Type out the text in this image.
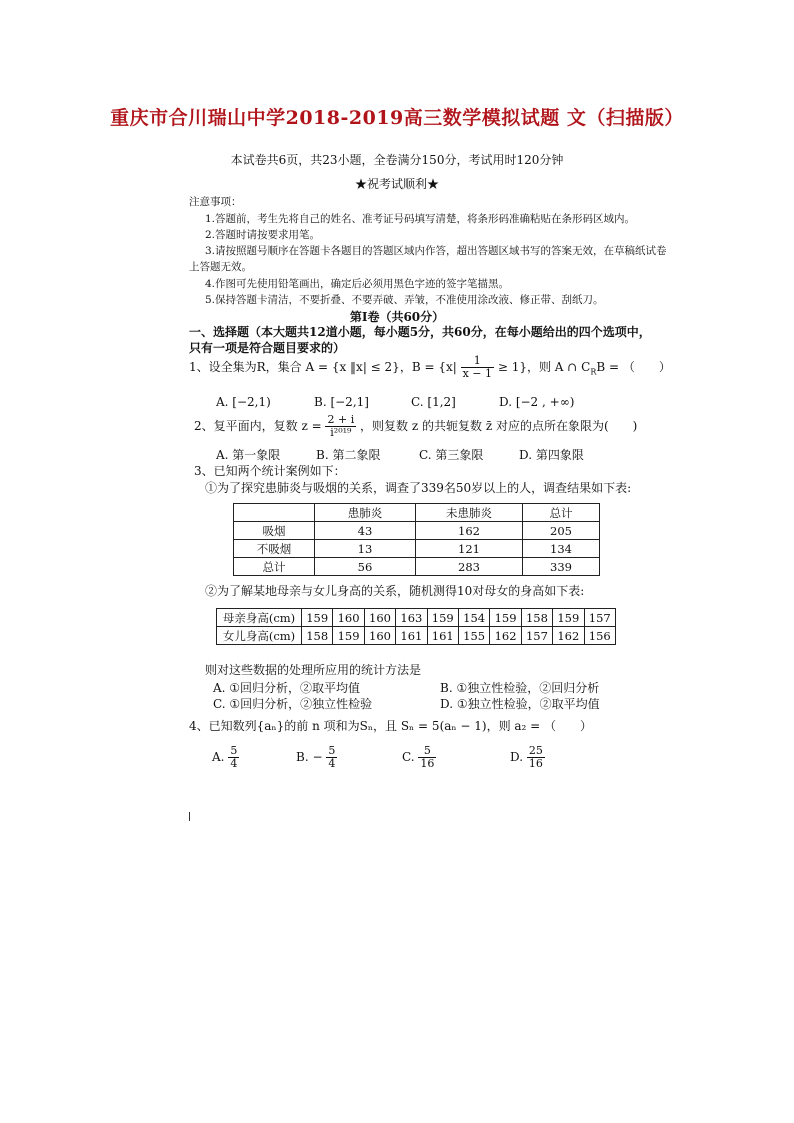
重庆市合川瑞山中学2018-2019高三数学模拟试题 文（扫描版）
本试卷共6页，共23小题，全卷满分150分，考试用时120分钟
★祝考试顺利★
注意事项：
1.答题前，考生先将自己的姓名、准考证号码填写清楚，将条形码准确粘贴在条形码区域内。
2.答题时请按要求用笔。
3.请按照题号顺序在答题卡各题目的答题区域内作答，超出答题区域书写的答案无效，在草稿纸试卷
上答题无效。
4.作图可先使用铅笔画出，确定后必须用黑色字迹的签字笔描黑。
5.保持答题卡清洁，不要折叠、不要弄破、弄皱，不准使用涂改液、修正带、刮纸刀。
第Ⅰ卷（共60分）
一、选择题（本大题共12道小题，每小题5分，共60分，在每小题给出的四个选项中，
只有一项是符合题目要求的）
1、设全集为R，集合 A = {x ‖x| ≤ 2}，$B = \{x| \frac{1}{x - 1} \ge 1\}$，则 A ∩ $C_RB$ = （　　）
A. [−2,1)	B. [−2,1]	C. [1,2]	D. [−2 , +∞)
2、复平面内，复数 $z = \frac{2 + i}{\text{i²⁰¹⁹}}$ ，则复数 z 的共轭复数 z̄ 对应的点所在象限为(　　)
A. 第一象限	B. 第二象限	C. 第三象限	D. 第四象限
3、已知两个统计案例如下：
①为了探究患肺炎与吸烟的关系，调查了339名50岁以上的人，调查结果如下表:
	患肺炎	未患肺炎	总计
吸烟	43	162	205
不吸烟	13	121	134
总计	56	283	339
②为了解某地母亲与女儿身高的关系，随机测得10对母女的身高如下表:
母亲身高(cm)	159	160	160	163	159	154	159	158	159	157
女儿身高(cm)	158	159	160	161	161	155	162	157	162	156
则对这些数据的处理所应用的统计方法是
A. ①回归分析，②取平均值	B. ①独立性检验，②回归分析
C. ①回归分析，②独立性检验	D. ①独立性检验，②取平均值
4、已知数列{aₙ}的前 n 项和为Sₙ，且 Sₙ = 5(aₙ − 1)，则 a₂ = （　　）
A. $\frac{5}{4}$	B. − $\frac{5}{4}$	C. $\frac{5}{16}$	D. $\frac{25}{16}$
